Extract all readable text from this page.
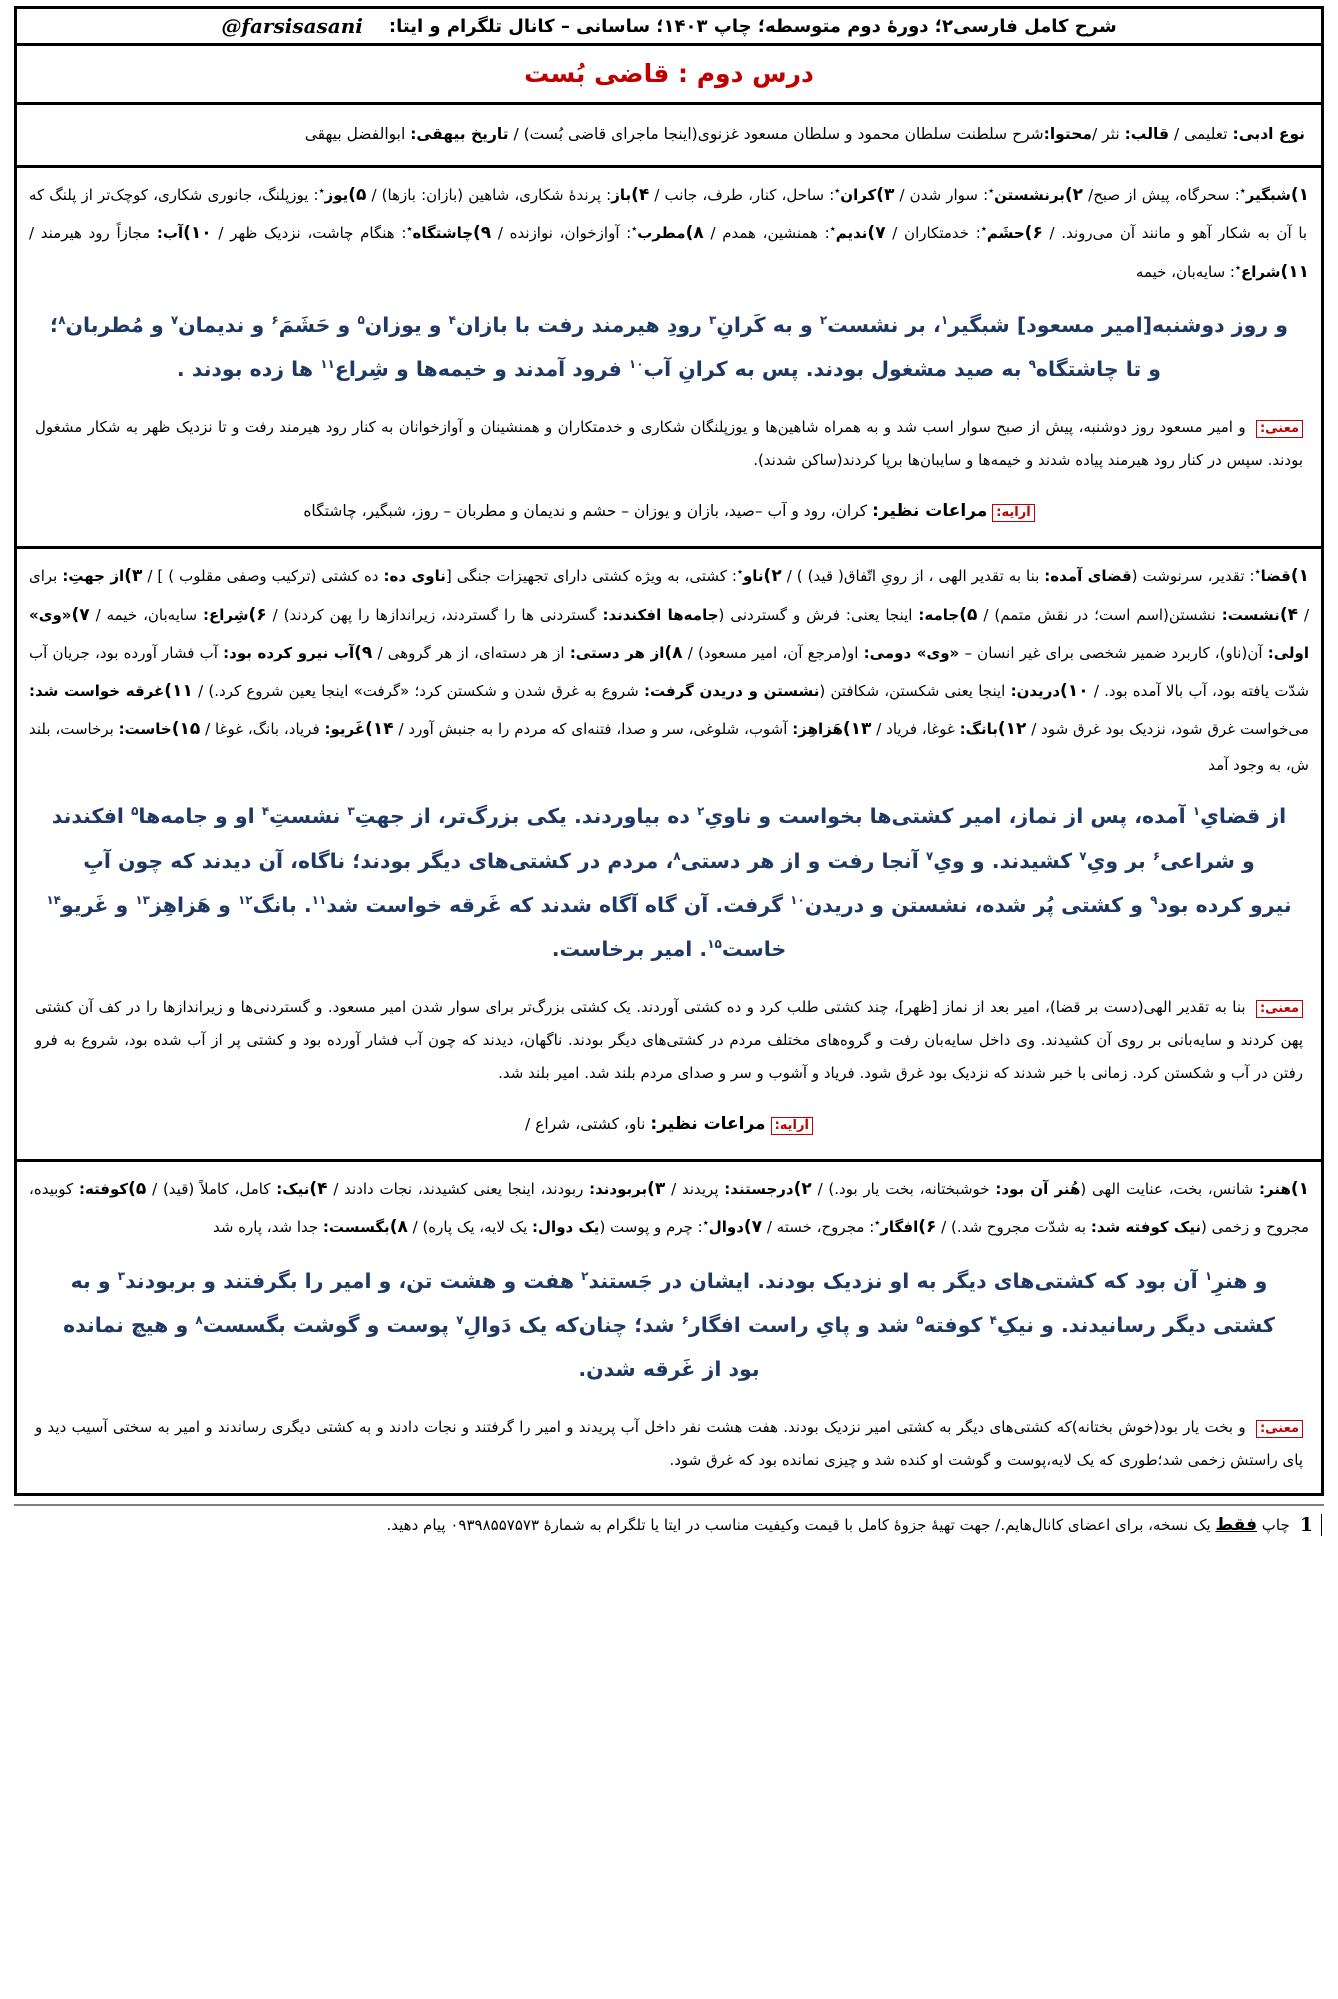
شرح کامل فارسی۲؛ دورهٔ دوم متوسطه؛ چاپ ۱۴۰۳؛ ساسانی – کانال تلگرام و ایتا:
@farsisasani
درس دوم : قاضی بُست
نوع ادبی: تعلیمی / قالب: نثر /محتوا:شرح سلطنت سلطان محمود و سلطان مسعود غزنوی(اینجا ماجرای قاضی بُست) / تاریخ بیهقی: ابوالفضل بیهقی
۱)شبگیر٭: سحرگاه، پیش از صبح/ ۲)برنشستن٭: سوار شدن / ۳)کران٭: ساحل، کنار، طرف، جانب / ۴)باز: پرندهٔ شکاری، شاهین (بازان: بازها) / ۵)یوز٭: یوزپلنگ، جانوری شکاری، کوچک‌تر از پلنگ که با آن به شکار آهو و مانند آن می‌روند. / ۶)حشَم٭: خدمتکاران / ۷)ندیم٭: همنشین، همدم / ۸)مطرب٭: آوازخوان، نوازنده / ۹)چاشتگاه٭: هنگام چاشت، نزدیک ظهر / ۱۰)آب: مجازاً رود هیرمند / ۱۱)شراع٭: سایه‌بان، خیمه
و روز دوشنبه[امیر مسعود] شبگیر$^۱$، بر نشست$^۲$ و به کَرانِ$^۳$ رودِ هیرمند رفت با بازان$^۴$ و یوزان$^۵$ و حَشَمَ$^۶$ و ندیمان$^۷$ و مُطربان$^۸$؛
و تا چاشتگاه$^۹$ به صید مشغول بودند. پس به کرانِ آب$^{۱۰}$ فرود آمدند و خیمه‌ها و شِراع$^{۱۱}$ ها زده بودند .
معنی: و امیر مسعود روز دوشنبه، پیش از صبح سوار اسب شد و به همراه شاهین‌ها و یوزپلنگان شکاری و خدمتکاران و همنشینان و آوازخوانان به کنار رود هیرمند رفت و تا نزدیک ظهر به شکار مشغول بودند. سپس در کنار رود هیرمند پیاده شدند و خیمه‌ها و سایبان‌ها برپا کردند(ساکن شدند).
آرایه:مراعات نظیر: کران، رود و آب –صید، بازان و یوزان – حشم و ندیمان و مطربان – روز، شبگیر، چاشتگاه
۱)قضا٭: تقدیر، سرنوشت (قضای آمده: بنا به تقدیر الهی ، از رویِ اتّفاق( قید) ) / ۲)ناو٭: کشتی، به ویژه کشتی دارای تجهیزات جنگی [ناوی ده: ده کشتی (ترکیب وصفی مقلوب ) ] / ۳)از جهتِ: برای / ۴)نشست: نشستن(اسم است؛ در نقش متمم) / ۵)جامه: اینجا یعنی: فرش و گستردنی (جامه‌ها افکندند: گستردنی ها را گستردند، زیراندازها را پهن کردند) / ۶)شِراع: سایه‌بان، خیمه / ۷)«وی» اولی: آن(ناو)، کاربرد ضمیر شخصی برای غیر انسان – «وی» دومی: او(مرجع آن، امیر مسعود) / ۸)از هر دستی: از هر دسته‌ای، از هر گروهی / ۹)آب نیرو کرده بود: آب فشار آورده بود، جریان آب شدّت یافته بود، آب بالا آمده بود. / ۱۰)دریدن: اینجا یعنی شکستن، شکافتن (نشستن و دریدن گرفت: شروع به غرق شدن و شکستن کرد؛ «گرفت» اینجا یعین شروع کرد.) / ۱۱)غرقه خواست شد: می‌خواست غرق شود، نزدیک بود غرق شود / ۱۲)بانگ: غوغا، فریاد / ۱۳)هَزاهِز: آشوب، شلوغی، سر و صدا، فتنه‌ای که مردم را به جنبش آورد / ۱۴)غَریو: فریاد، بانگ، غوغا / ۱۵)خاست: برخاست، بلند ش، به وجود آمد
از قضایِ$^۱$ آمده، پس از نماز، امیر کشتی‌ها بخواست و ناویِ$^۲$ ده بیاوردند. یکی بزرگ‌تر، از جهتِ$^۳$ نشستِ$^۴$ او و جامه‌ها$^۵$ افکندند
و شراعی$^۶$ بر ویِ$^۷$ کشیدند. و ویِ$^۷$ آنجا رفت و از هر دستی$^۸$، مردم در کشتی‌های دیگر بودند؛ ناگاه، آن دیدند که چون آبِ
نیرو کرده بود$^۹$ و کشتی پُر شده، نشستن و دریدن$^{۱۰}$ گرفت. آن گاه آگاه شدند که غَرقه خواست شد$^{۱۱}$. بانگ$^{۱۲}$ و هَزاهِز$^{۱۳}$ و غَریو$^{۱۴}$
خاست$^{۱۵}$. امیر برخاست.
معنی: بنا به تقدیر الهی(دست بر قضا)، امیر بعد از نماز [ظهر]، چند کشتی طلب کرد و ده کشتی آوردند. یک کشتی بزرگ‌تر برای سوار شدن امیر مسعود. و گستردنی‌ها و زیراندازها را در کف آن کشتی پهن کردند و سایه‌بانی بر روی آن کشیدند. وی داخل سایه‌بان رفت و گروه‌های مختلف مردم در کشتی‌های دیگر بودند. ناگهان، دیدند که چون آب فشار آورده بود و کشتی پر از آب شده بود، شروع به فرو رفتن در آب و شکستن کرد. زمانی با خبر شدند که نزدیک بود غرق شود. فریاد و آشوب و سر و صدای مردم بلند شد. امیر بلند شد.
آرایه:مراعات نظیر: ناو، کشتی، شراع /
۱)هنر: شانس، بخت، عنایت الهی (هُنر آن بود: خوشبختانه، بخت یار بود.) / ۲)درجستند: پریدند / ۳)بربودند: ربودند، اینجا یعنی کشیدند، نجات دادند / ۴)نیک: کامل، کاملاً (قید) / ۵)کوفته: کوبیده، مجروح و زخمی (نیک کوفته شد: به شدّت مجروح شد.) / ۶)افگار٭: مجروح، خسته / ۷)دوال٭: چرم و پوست (یک دوال: یک لایه، یک پاره) / ۸)بگسست: جدا شد، پاره شد
و هنرِ$^۱$ آن بود که کشتی‌های دیگر به او نزدیک بودند. ایشان در جَستند$^۲$ هفت و هشت تن، و امیر را بگرفتند و بربودند$^۳$ و به
کشتی دیگر رسانیدند. و نیکِ$^۴$ کوفته$^۵$ شد و پایِ راست افگار$^۶$ شد؛ چنان‌که یک دَوالِ$^۷$ پوست و گوشت بگسست$^۸$ و هیچ نمانده
بود از غَرقه شدن.
معنی: و بخت یار بود(خوش بختانه)که کشتی‌های دیگر به کشتی امیر نزدیک بودند. هفت هشت نفر داخل آب پریدند و امیر را گرفتند و نجات دادند و به کشتی دیگری رساندند و امیر به سختی آسیب دید و پای راستش زخمی شد؛طوری که یک لایه،پوست و گوشت او کنده شد و چیزی نمانده بود که غرق شود.
1
چاپ فقط یک نسخه، برای اعضای کانال‌هایم./ جهت تهیهٔ جزوهٔ کامل با قیمت وکیفیت مناسب در ایتا یا تلگرام به شمارهٔ ۰۹۳۹۸۵۵۷۵۷۳ پیام دهید.
